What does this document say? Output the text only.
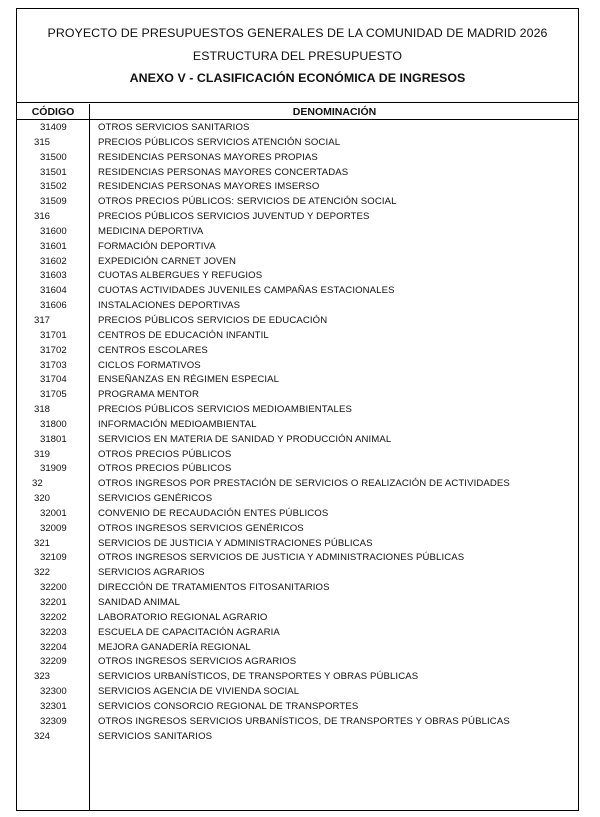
PROYECTO DE PRESUPUESTOS GENERALES DE LA COMUNIDAD DE MADRID 2026
ESTRUCTURA DEL PRESUPUESTO
ANEXO V - CLASIFICACIÓN ECONÓMICA DE INGRESOS
CÓDIGO	DENOMINACIÓN
31409	OTROS SERVICIOS SANITARIOS
315	PRECIOS PÚBLICOS SERVICIOS ATENCIÓN SOCIAL
31500	RESIDENCIAS PERSONAS MAYORES PROPIAS
31501	RESIDENCIAS PERSONAS MAYORES CONCERTADAS
31502	RESIDENCIAS PERSONAS MAYORES IMSERSO
31509	OTROS PRECIOS PÚBLICOS: SERVICIOS DE ATENCIÓN SOCIAL
316	PRECIOS PÚBLICOS SERVICIOS JUVENTUD Y DEPORTES
31600	MEDICINA DEPORTIVA
31601	FORMACIÓN DEPORTIVA
31602	EXPEDICIÓN CARNET JOVEN
31603	CUOTAS ALBERGUES Y REFUGIOS
31604	CUOTAS ACTIVIDADES JUVENILES CAMPAÑAS ESTACIONALES
31606	INSTALACIONES DEPORTIVAS
317	PRECIOS PÚBLICOS SERVICIOS DE EDUCACIÓN
31701	CENTROS DE EDUCACIÓN INFANTIL
31702	CENTROS ESCOLARES
31703	CICLOS FORMATIVOS
31704	ENSEÑANZAS EN RÉGIMEN ESPECIAL
31705	PROGRAMA MENTOR
318	PRECIOS PÚBLICOS SERVICIOS MEDIOAMBIENTALES
31800	INFORMACIÓN MEDIOAMBIENTAL
31801	SERVICIOS EN MATERIA DE SANIDAD Y PRODUCCIÓN ANIMAL
319	OTROS PRECIOS PÚBLICOS
31909	OTROS PRECIOS PÚBLICOS
32	OTROS INGRESOS POR PRESTACIÓN DE SERVICIOS O REALIZACIÓN DE ACTIVIDADES
320	SERVICIOS GENÉRICOS
32001	CONVENIO DE RECAUDACIÓN ENTES PÚBLICOS
32009	OTROS INGRESOS SERVICIOS GENÉRICOS
321	SERVICIOS DE JUSTICIA Y ADMINISTRACIONES PÚBLICAS
32109	OTROS INGRESOS SERVICIOS DE JUSTICIA Y ADMINISTRACIONES PÚBLICAS
322	SERVICIOS AGRARIOS
32200	DIRECCIÓN DE TRATAMIENTOS FITOSANITARIOS
32201	SANIDAD ANIMAL
32202	LABORATORIO REGIONAL AGRARIO
32203	ESCUELA DE CAPACITACIÓN AGRARIA
32204	MEJORA GANADERÍA REGIONAL
32209	OTROS INGRESOS SERVICIOS AGRARIOS
323	SERVICIOS URBANÍSTICOS, DE TRANSPORTES Y OBRAS PÚBLICAS
32300	SERVICIOS AGENCIA DE VIVIENDA SOCIAL
32301	SERVICIOS CONSORCIO REGIONAL DE TRANSPORTES
32309	OTROS INGRESOS SERVICIOS URBANÍSTICOS, DE TRANSPORTES Y OBRAS PÚBLICAS
324	SERVICIOS SANITARIOS
